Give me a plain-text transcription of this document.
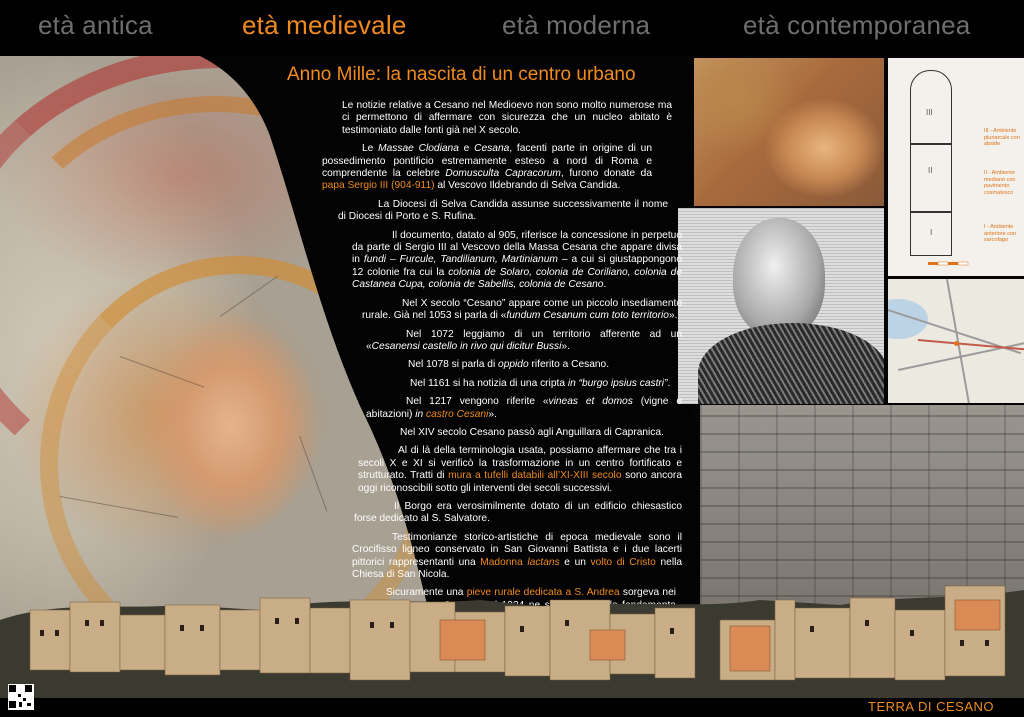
III
II
I
III - Ambiente pluriarcale con abside
II - Ambiente mediano con pavimento cosmatesco
I - Ambiente anteriore con sarcofago
Anno Mille: la nascita di un centro urbano

Le notizie relative a Cesano nel Medioevo non sono molto numerose ma ci permettono di affermare con sicurezza che un nucleo abitato è testimoniato dalle fonti già nel X secolo.

Le Massae Clodiana e Cesana, facenti parte in origine di un possedimento pontificio estremamente esteso a nord di Roma e comprendente la celebre Domusculta Capracorum, furono donate da papa Sergio III (904-911) al Vescovo Ildebrando di Selva Candida.

La Diocesi di Selva Candida assunse successivamente il nome di Diocesi di Porto e S. Rufina.

Il documento, datato al 905, riferisce la concessione in perpetuo da parte di Sergio III al Vescovo della Massa Cesana che appare divisa in fundi – Furcule, Tandilianum, Martinianum – a cui si giustappongono 12 colonie fra cui la colonia de Solaro, colonia de Coriliano, colonia de Castanea Cupa, colonia de Sabellis, colonia de Cesano.

Nel X secolo “Cesano” appare come un piccolo insediamento rurale. Già nel 1053 si parla di «fundum Cesanum cum toto territorio».

Nel 1072 leggiamo di un territorio afferente ad un «Cesanensi castello in rivo qui dicitur Bussi».

Nel 1078 si parla di oppido riferito a Cesano.

Nel 1161 si ha notizia di una cripta in “burgo ipsius castri”.

Nel 1217 vengono riferite «vineas et domos (vigne e abitazioni) in castro Cesani».

Nel XIV secolo Cesano passò agli Anguillara di Capranica.

Al di là della terminologia usata, possiamo affermare che tra i secoli X e XI si verificò la trasformazione in un centro fortificato e strutturato. Tratti di mura a tufelli databili all’XI-XIII secolo sono ancora oggi riconoscibili sotto gli interventi dei secoli successivi.

Il Borgo era verosimilmente dotato di un edificio chiesastico forse dedicato al S. Salvatore.

Testimonianze storico-artistiche di epoca medievale sono il Crocifisso ligneo conservato in San Giovanni Battista e i due lacerti pittorici rappresentanti una Madonna lactans e un volto di Cristo nella Chiesa di San Nicola.

Sicuramente una pieve rurale dedicata a S. Andrea sorgeva nei ne

TERRA DI CESANO
età antica	età medievale	età moderna	età contemporanea
